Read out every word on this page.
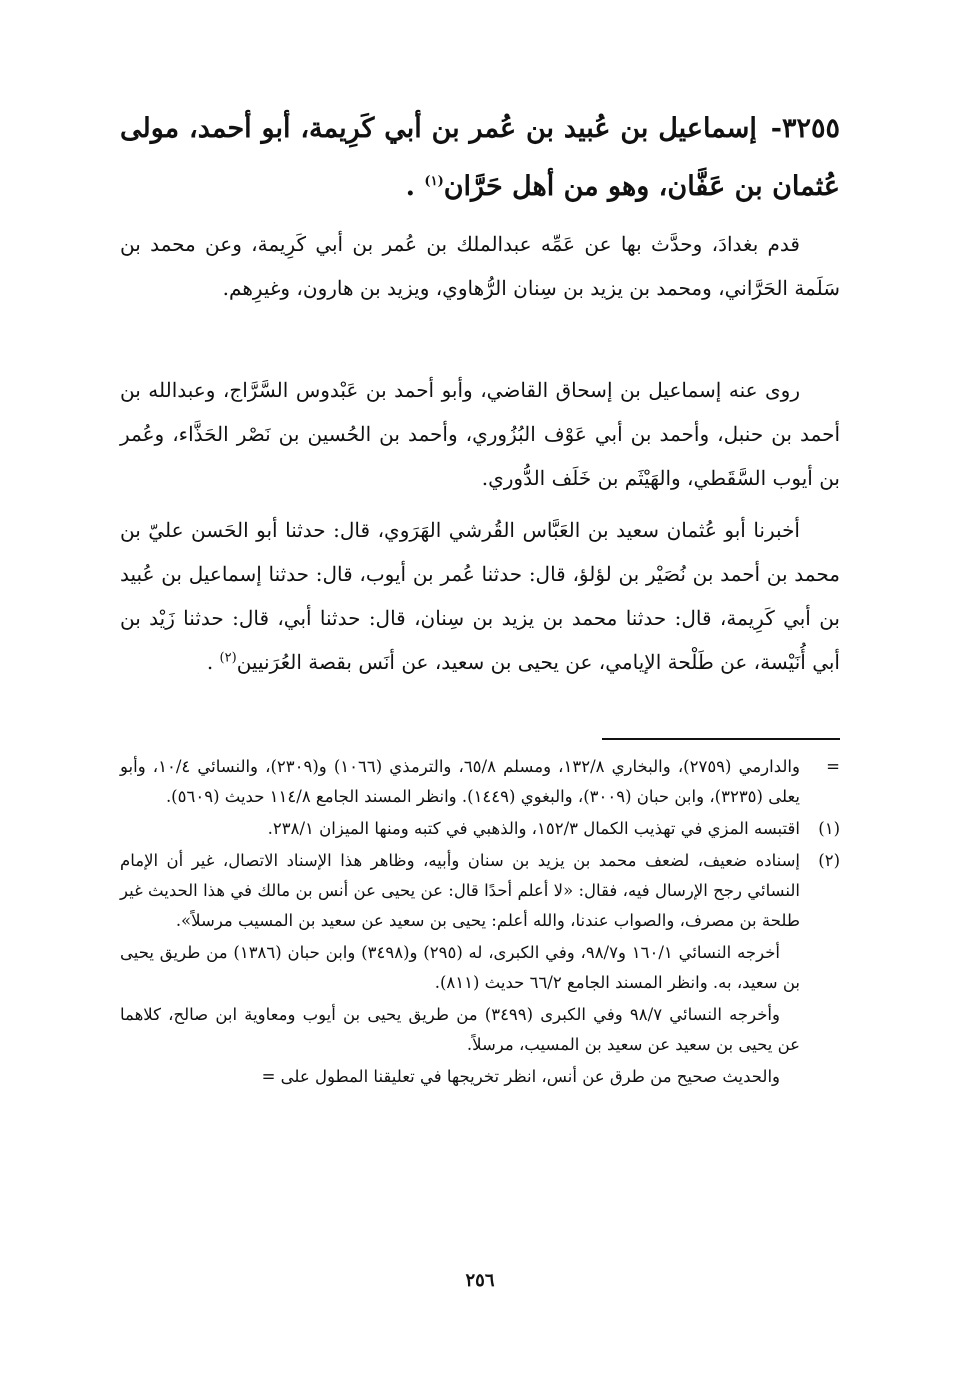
٣٢٥٥- إسماعيل بن عُبيد بن عُمر بن أبي كَرِيمة، أبو أحمد، مولى عُثمان بن عَفَّان، وهو من أهل حَرَّان$^{(١)}$ .
قدم بغدادَ، وحدَّث بها عن عَمِّه عبدالملك بن عُمر بن أبي كَرِيمة، وعن محمد بن سَلَمة الحَرَّاني، ومحمد بن يزيد بن سِنان الرُّهاوي، ويزيد بن هارون، وغيرِهم.
روى عنه إسماعيل بن إسحاق القاضي، وأبو أحمد بن عَبْدوس السَّرَّاج، وعبدالله بن أحمد بن حنبل، وأحمد بن أبي عَوْف البُزُوري، وأحمد بن الحُسين بن نَصْر الحَذَّاء، وعُمر بن أيوب السَّقَطي، والهَيْثَم بن خَلَف الدُّوري.
أخبرنا أبو عُثمان سعيد بن العَبَّاس القُرشي الهَرَوي، قال: حدثنا أبو الحَسن عليّ بن محمد بن أحمد بن نُصَيْر بن لؤلؤ، قال: حدثنا عُمر بن أيوب، قال: حدثنا إسماعيل بن عُبيد بن أبي كَرِيمة، قال: حدثنا محمد بن يزيد بن سِنان، قال: حدثنا أبي، قال: حدثنا زَيْد بن أبي أُنَيْسة، عن طَلْحة الإيامي، عن يحيى بن سعيد، عن أنَس بقصة العُرَنيين$^{(٢)}$ .
=
والدارمي (٢٧٥٩)، والبخاري ١٣٢/٨، ومسلم ٦٥/٨، والترمذي (١٠٦٦) و(٢٣٠٩)، والنسائي ١٠/٤، وأبو يعلى (٣٢٣٥)، وابن حبان (٣٠٠٩)، والبغوي (١٤٤٩). وانظر المسند الجامع ١١٤/٨ حديث (٥٦٠٩).
(١)
اقتبسه المزي في تهذيب الكمال ١٥٢/٣، والذهبي في كتبه ومنها الميزان ٢٣٨/١.
(٢)
إسناده ضعيف، لضعف محمد بن يزيد بن سنان وأبيه، وظاهر هذا الإسناد الاتصال، غير أن الإمام النسائي رجح الإرسال فيه، فقال: «لا أعلم أحدًا قال: عن يحيى عن أنس بن مالك في هذا الحديث غير طلحة بن مصرف، والصواب عندنا، والله أعلم: يحيى بن سعيد عن سعيد بن المسيب مرسلاً».
أخرجه النسائي ١٦٠/١ و٩٨/٧، وفي الكبرى، له (٢٩٥) و(٣٤٩٨) وابن حبان (١٣٨٦) من طريق يحيى بن سعيد، به. وانظر المسند الجامع ٦٦/٢ حديث (٨١١).
وأخرجه النسائي ٩٨/٧ وفي الكبرى (٣٤٩٩) من طريق يحيى بن أيوب ومعاوية ابن صالح، كلاهما عن يحيى بن سعيد عن سعيد بن المسيب، مرسلاً.
والحديث صحيح من طرق عن أنس، انظر تخريجها في تعليقنا المطول على =
٢٥٦
